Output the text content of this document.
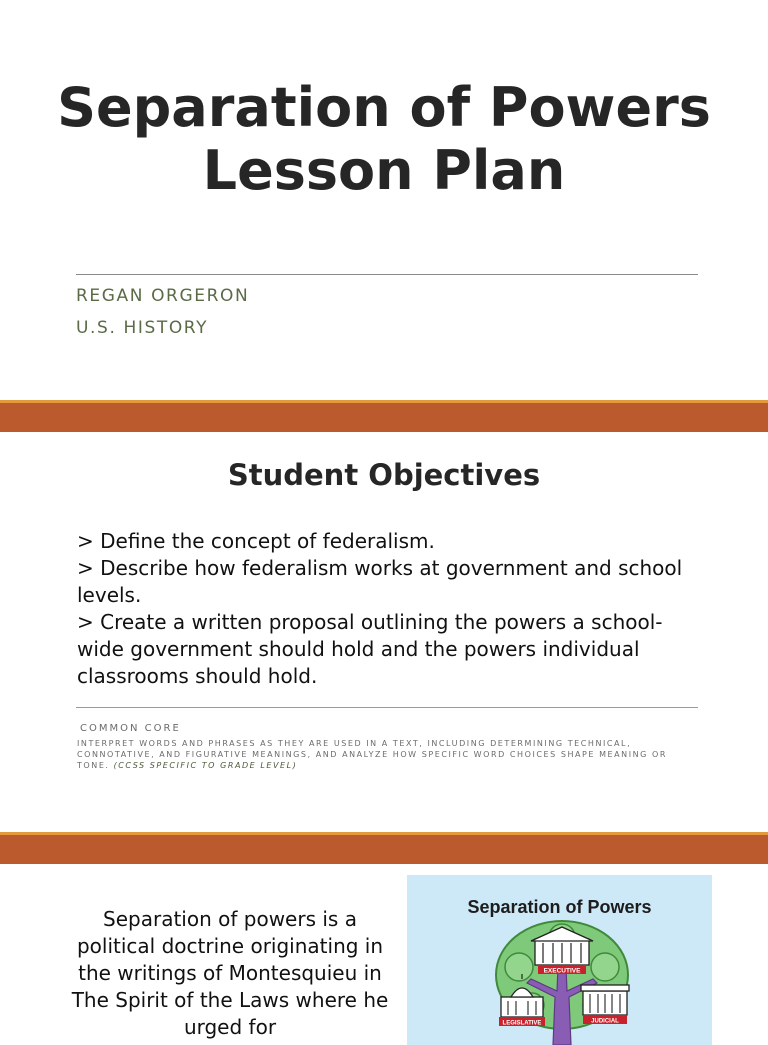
Separation of Powers Lesson Plan
REGAN ORGERON
U.S. HISTORY
Student Objectives
> Define the concept of federalism.
> Describe how federalism works at government and school levels.
> Create a written proposal outlining the powers a school-wide government should hold and the powers individual classrooms should hold.
COMMON CORE
INTERPRET WORDS AND PHRASES AS THEY ARE USED IN A TEXT, INCLUDING DETERMINING TECHNICAL, CONNOTATIVE, AND FIGURATIVE MEANINGS, AND ANALYZE HOW SPECIFIC WORD CHOICES SHAPE MEANING OR TONE. (CCSS SPECIFIC TO GRADE LEVEL)
Separation of powers is a political doctrine originating in the writings of Montesquieu in The Spirit of the Laws where he urged for
Separation of Powers
EXECUTIVE
LEGISLATIVE	JUDICIAL
